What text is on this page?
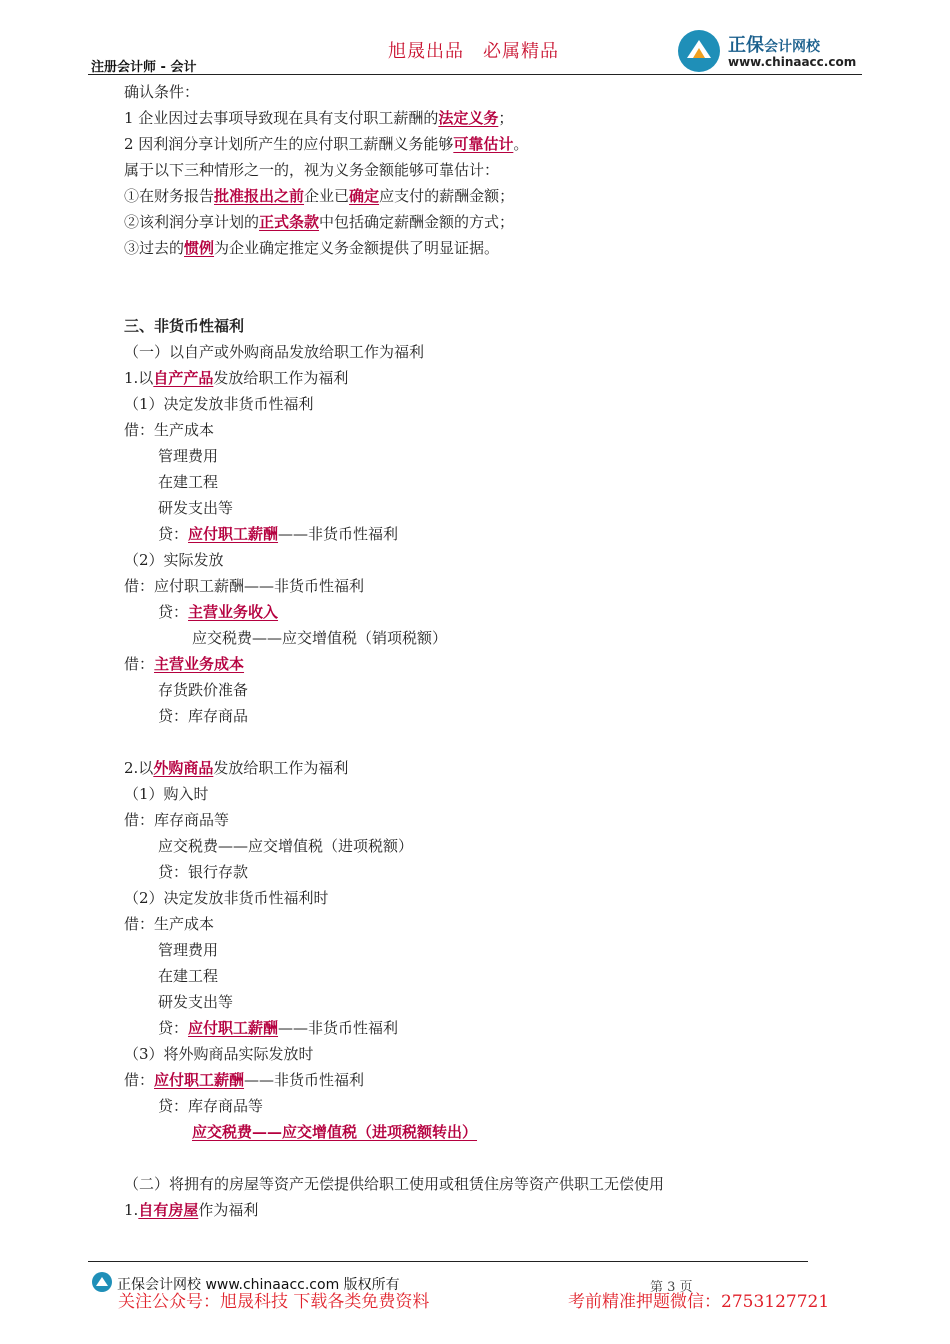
旭晟出品　必属精品
注册会计师 - 会计
正保会计网校
www.chinaacc.com
确认条件：
1 企业因过去事项导致现在具有支付职工薪酬的法定义务；
2 因利润分享计划所产生的应付职工薪酬义务能够可靠估计。
属于以下三种情形之一的，视为义务金额能够可靠估计：
①在财务报告批准报出之前企业已确定应支付的薪酬金额；
②该利润分享计划的正式条款中包括确定薪酬金额的方式；
③过去的惯例为企业确定推定义务金额提供了明显证据。
三、非货币性福利
（一）以自产或外购商品发放给职工作为福利
1.以自产产品发放给职工作为福利
（1）决定发放非货币性福利
借：生产成本
管理费用
在建工程
研发支出等
贷：应付职工薪酬——非货币性福利
（2）实际发放
借：应付职工薪酬——非货币性福利
贷：主营业务收入
应交税费——应交增值税（销项税额）
借：主营业务成本
存货跌价准备
贷：库存商品
2.以外购商品发放给职工作为福利
（1）购入时
借：库存商品等
应交税费——应交增值税（进项税额）
贷：银行存款
（2）决定发放非货币性福利时
借：生产成本
管理费用
在建工程
研发支出等
贷：应付职工薪酬——非货币性福利
（3）将外购商品实际发放时
借：应付职工薪酬——非货币性福利
贷：库存商品等
应交税费——应交增值税（进项税额转出）
（二）将拥有的房屋等资产无偿提供给职工使用或租赁住房等资产供职工无偿使用
1.自有房屋作为福利
正保会计网校 www.chinaacc.com 版权所有	第 3 页
关注公众号：旭晟科技 下载各类免费资料	考前精准押题微信：2753127721
